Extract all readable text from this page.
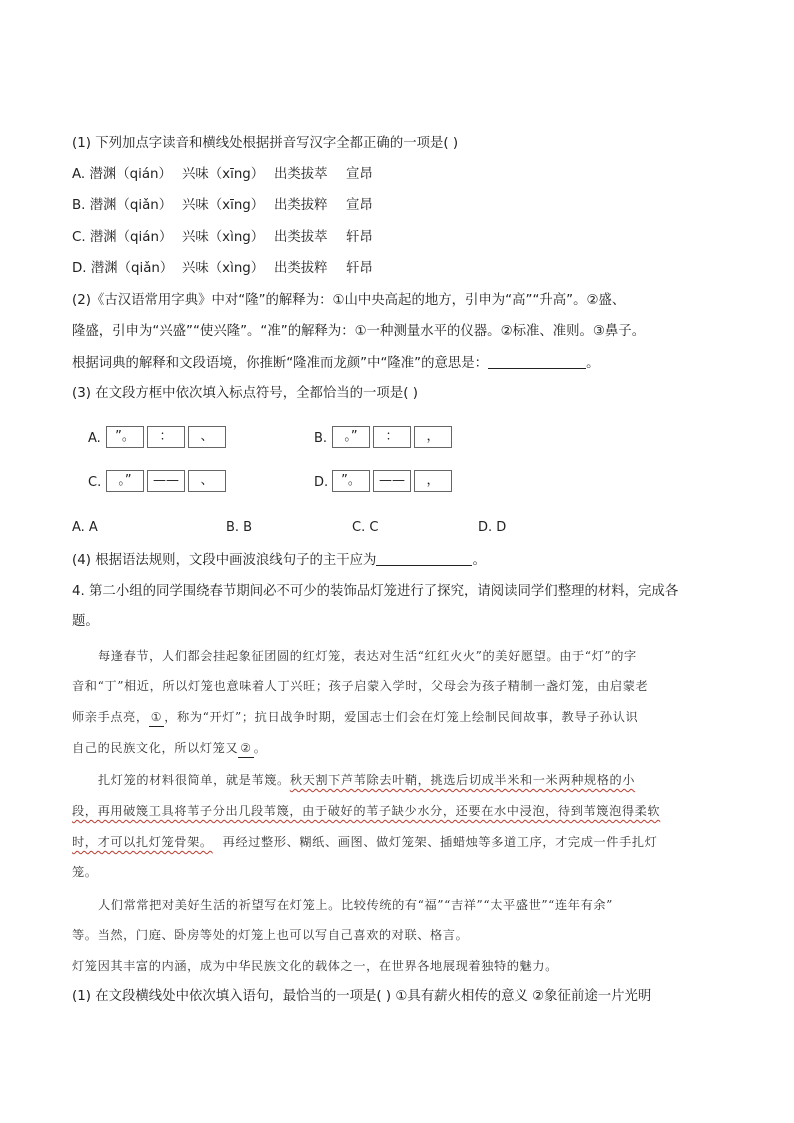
(1) 下列加点字读音和横线处根据拼音写汉字全都正确的一项是( )
A. 潜渊（qián） 兴味（xīng） 出类拔萃 宣昂
B. 潜渊（qiǎn） 兴味（xīng） 出类拔粹 宣昂
C. 潜渊（qián） 兴味（xìng） 出类拔萃 轩昂
D. 潜渊（qiǎn） 兴味（xìng） 出类拔粹 轩昂
(2)《古汉语常用字典》中对“隆”的解释为：①山中央高起的地方，引申为“高”“升高”。②盛、
隆盛，引申为“兴盛”“使兴隆”。“准”的解释为：①一种测量水平的仪器。②标准、准则。③鼻子。
根据词典的解释和文段语境，你推断“隆准而龙颜”中“隆准”的意思是：	。
(3) 在文段方框中依次填入标点符号，全都恰当的一项是( )
A.	”。	：	、	B.	。”	：	，
C.	。”	——	、	D. ”。	——	，
A. A	B. B	C. C	D. D
(4) 根据语法规则，文段中画波浪线句子的主干应为	。
4. 第二小组的同学围绕春节期间必不可少的装饰品灯笼进行了探究，请阅读同学们整理的材料，完成各
题。
每逢春节，人们都会挂起象征团圆的红灯笼，表达对生活“红红火火”的美好愿望。由于“灯”的字
音和“丁”相近，所以灯笼也意味着人丁兴旺；孩子启蒙入学时，父母会为孩子精制一盏灯笼，由启蒙老
师亲手点亮， ① ，称为“开灯”；抗日战争时期，爱国志士们会在灯笼上绘制民间故事，教导子孙认识
自己的民族文化，所以灯笼又 ② 。
扎灯笼的材料很简单，就是苇篾。秋天割下芦苇除去叶鞘，挑选后切成半米和一米两种规格的小
段，再用破篾工具将苇子分出几段苇篾，由于破好的苇子缺少水分，还要在水中浸泡，待到苇篾泡得柔软
时，才可以扎灯笼骨架。 再经过整形、糊纸、画图、做灯笼架、插蜡烛等多道工序，才完成一件手扎灯
笼。
人们常常把对美好生活的祈望写在灯笼上。比较传统的有“福”“吉祥”“太平盛世”“连年有余”
等。当然，门庭、卧房等处的灯笼上也可以写自己喜欢的对联、格言。
灯笼因其丰富的内涵，成为中华民族文化的载体之一，在世界各地展现着独特的魅力。
(1) 在文段横线处中依次填入语句，最恰当的一项是( ) ①具有薪火相传的意义 ②象征前途一片光明
